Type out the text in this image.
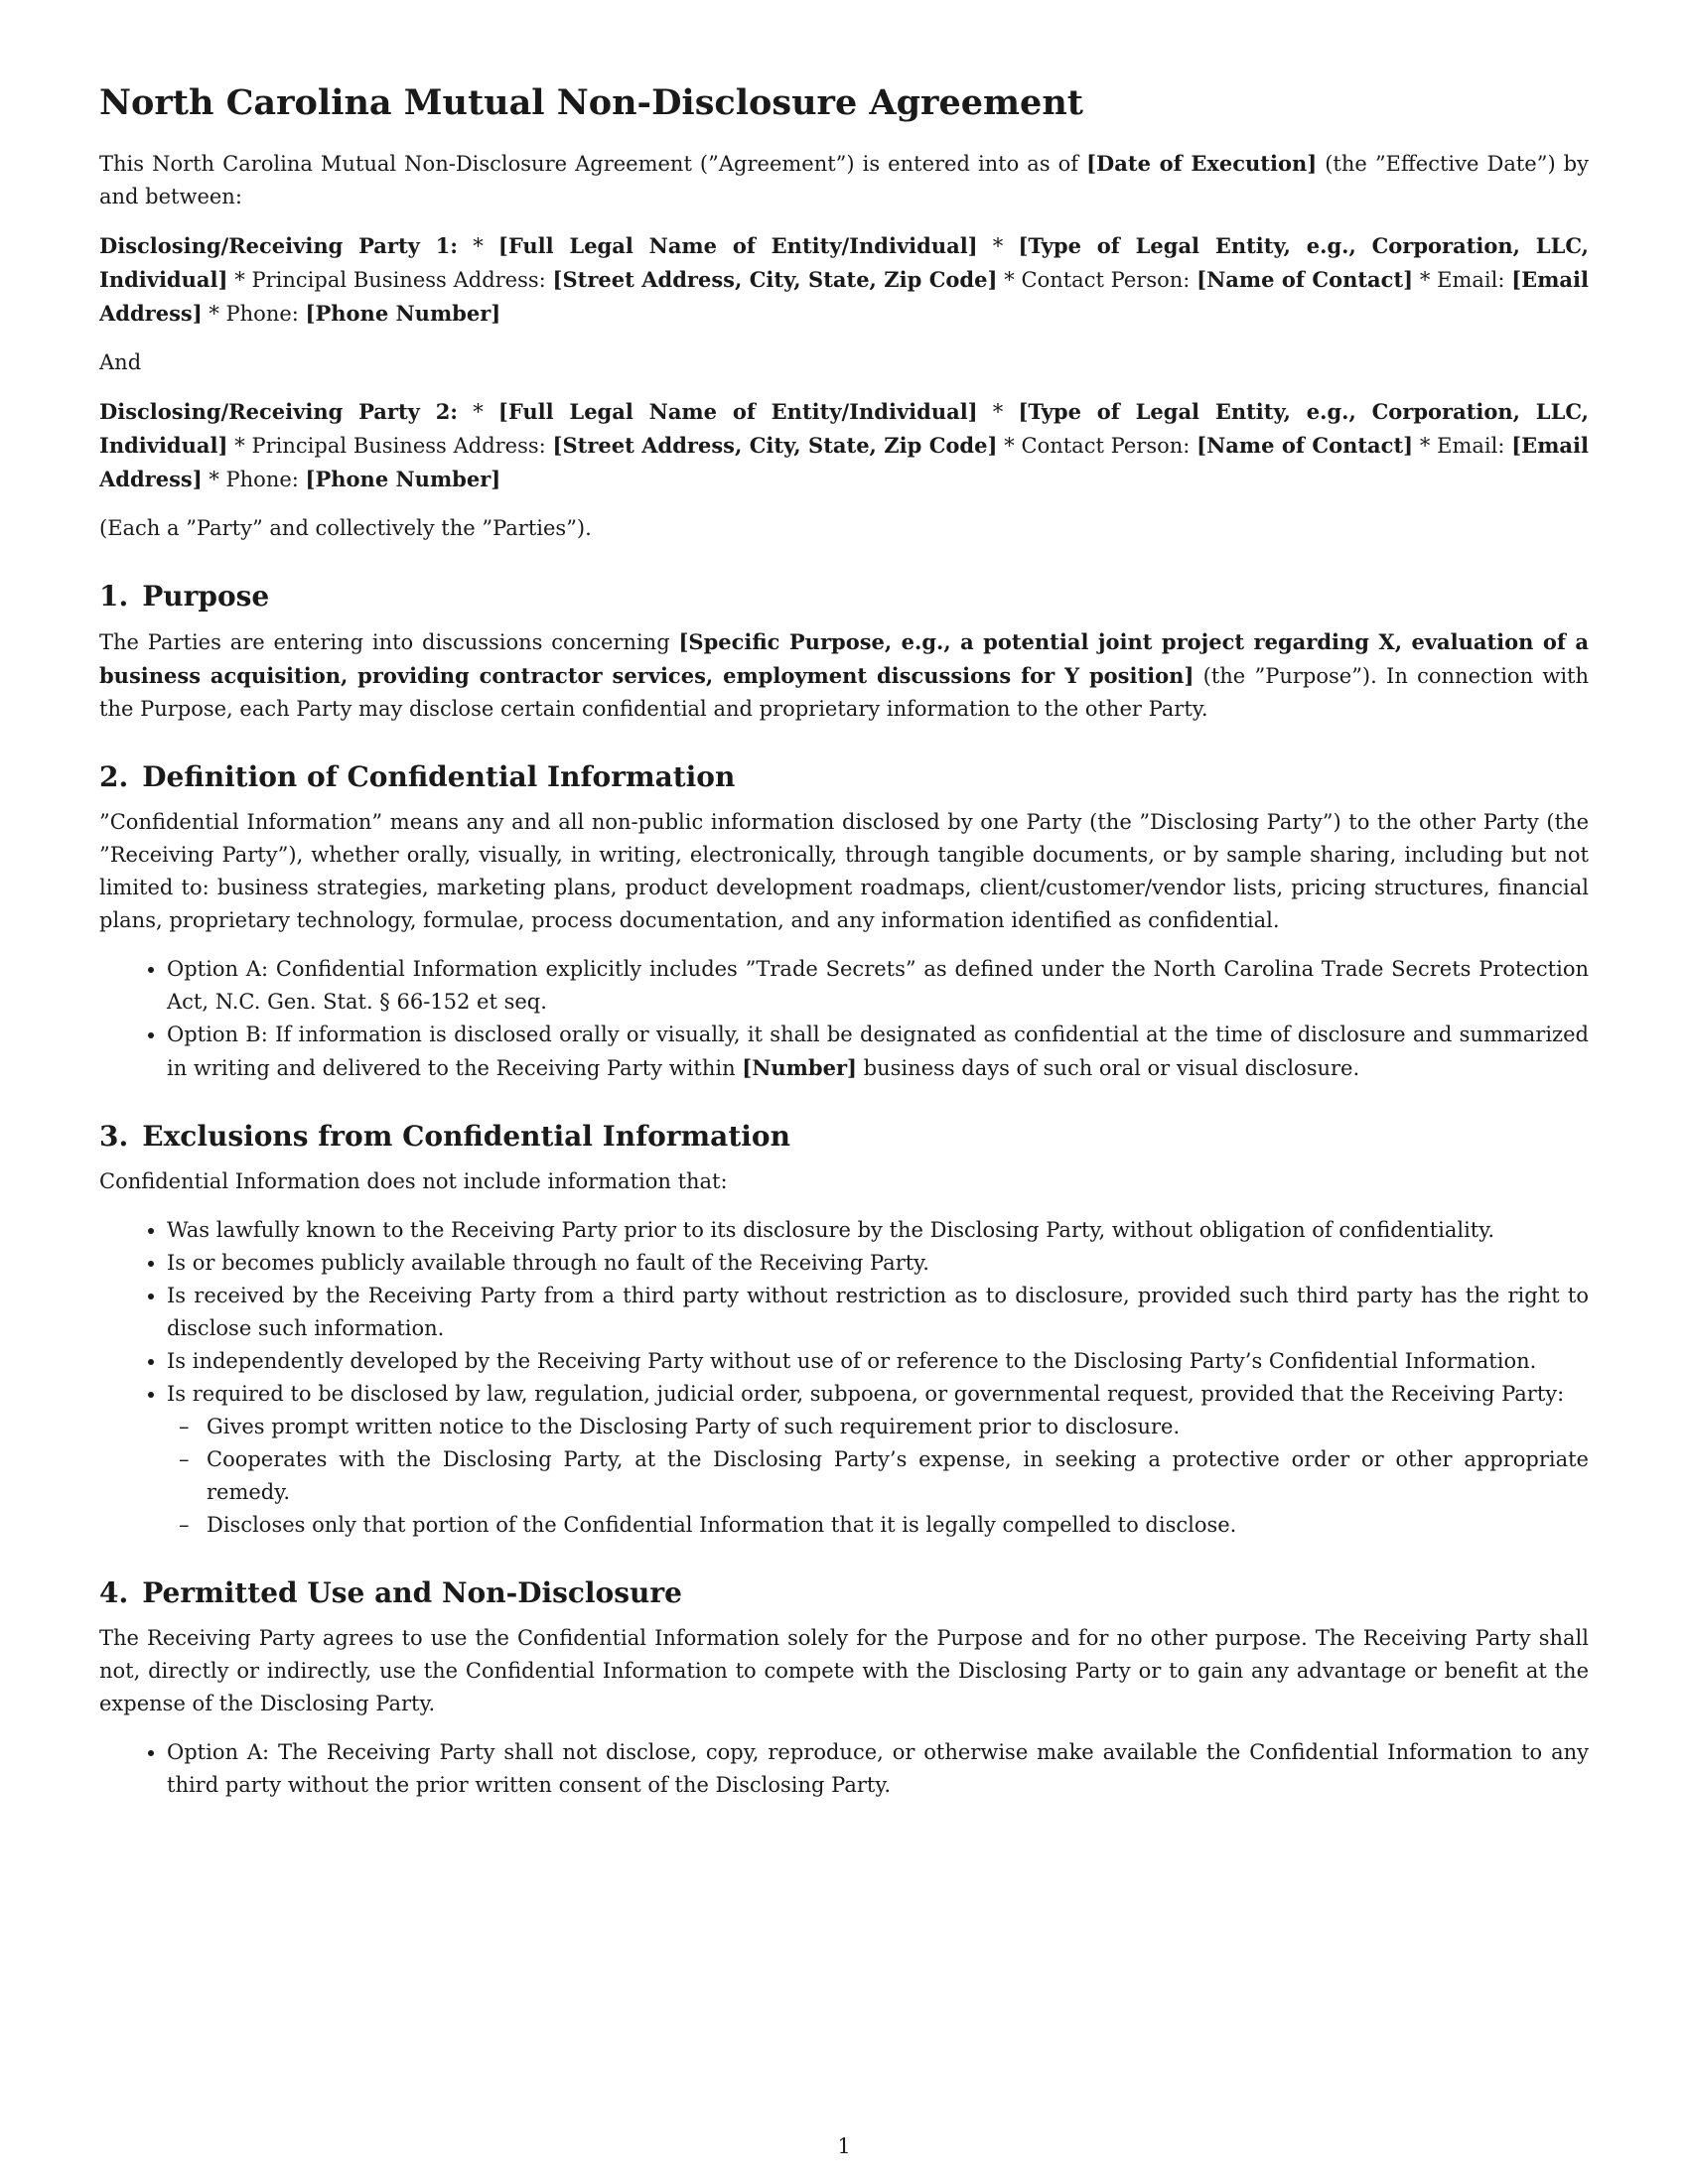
North Carolina Mutual Non-Disclosure Agreement

This North Carolina Mutual Non-Disclosure Agreement (”Agreement”) is entered into as of [Date of Execution] (the ”Effective Date”) by and between:

Disclosing/Receiving Party 1: * [Full Legal Name of Entity/Individual] * [Type of Legal Entity, e.g., Corporation, LLC, Individual] * Principal Business Address: [Street Address, City, State, Zip Code] * Contact Person: [Name of Contact] * Email: [Email Address] * Phone: [Phone Number]

And

Disclosing/Receiving Party 2: * [Full Legal Name of Entity/Individual] * [Type of Legal Entity, e.g., Corporation, LLC, Individual] * Principal Business Address: [Street Address, City, State, Zip Code] * Contact Person: [Name of Contact] * Email: [Email Address] * Phone: [Phone Number]

(Each a ”Party” and collectively the ”Parties”).

1. Purpose

The Parties are entering into discussions concerning [Specific Purpose, e.g., a potential joint project regarding X, evaluation of a business acquisition, providing contractor services, employment discussions for Y position] (the ”Purpose”). In connection with the Purpose, each Party may disclose certain confidential and proprietary information to the other Party.

2. Definition of Confidential Information

”Confidential Information” means any and all non-public information disclosed by one Party (the ”Disclosing Party”) to the other Party (the ”Receiving Party”), whether orally, visually, in writing, electronically, through tangible documents, or by sample sharing, including but not limited to: business strategies, marketing plans, product development roadmaps, client/customer/vendor lists, pricing structures, financial plans, proprietary technology, formulae, process documentation, and any information identified as confidential.

• Option A: Confidential Information explicitly includes ”Trade Secrets” as defined under the North Carolina Trade Secrets Protection Act, N.C. Gen. Stat. § 66-152 et seq.
• Option B: If information is disclosed orally or visually, it shall be designated as confidential at the time of disclosure and summarized in writing and delivered to the Receiving Party within [Number] business days of such oral or visual disclosure.
3. Exclusions from Confidential Information

Confidential Information does not include information that:

• Was lawfully known to the Receiving Party prior to its disclosure by the Disclosing Party, without obligation of confidentiality.
• Is or becomes publicly available through no fault of the Receiving Party.
• Is received by the Receiving Party from a third party without restriction as to disclosure, provided such third party has the right to disclose such information.
• Is independently developed by the Receiving Party without use of or reference to the Disclosing Party’s Confidential Information.
• Is required to be disclosed by law, regulation, judicial order, subpoena, or governmental request, provided that the Receiving Party:
– Gives prompt written notice to the Disclosing Party of such requirement prior to disclosure.
– Cooperates with the Disclosing Party, at the Disclosing Party’s expense, in seeking a protective order or other appropriate remedy.
– Discloses only that portion of the Confidential Information that it is legally compelled to disclose.
4. Permitted Use and Non-Disclosure

The Receiving Party agrees to use the Confidential Information solely for the Purpose and for no other purpose. The Receiving Party shall not, directly or indirectly, use the Confidential Information to compete with the Disclosing Party or to gain any advantage or benefit at the expense of the Disclosing Party.

• Option A: The Receiving Party shall not disclose, copy, reproduce, or otherwise make available the Confidential Information to any third party without the prior written consent of the Disclosing Party.
1
